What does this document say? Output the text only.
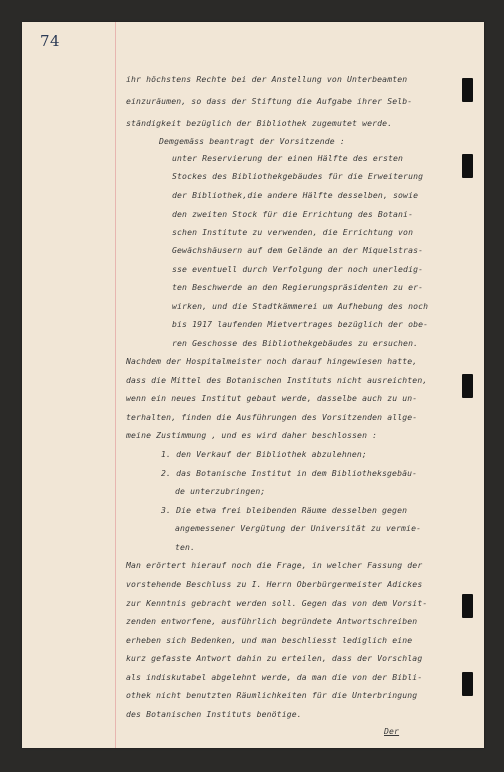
74
ihr höchstens Rechte bei der Anstellung von Unterbeamten
einzuräumen, so dass der Stiftung die Aufgabe ihrer Selb-
ständigkeit bezüglich der Bibliothek zugemutet werde.
Demgemäss beantragt der Vorsitzende :
unter Reservierung der einen Hälfte des ersten
Stockes des Bibliothekgebäudes für die Erweiterung
der Bibliothek,die andere Hälfte desselben, sowie
den zweiten Stock für die Errichtung des Botani-
schen Institute zu verwenden, die Errichtung von
Gewächshäusern auf dem Gelände an der Miquelstras-
sse eventuell durch Verfolgung der noch unerledig-
ten Beschwerde an den Regierungspräsidenten zu er-
wirken, und die Stadtkämmerei um Aufhebung des noch
bis 1917 laufenden Mietvertrages bezüglich der obe-
ren Geschosse des Bibliothekgebäudes zu ersuchen.
Nachdem der Hospitalmeister noch darauf hingewiesen hatte,
dass die Mittel des Botanischen Instituts nicht ausreichten,
wenn ein neues Institut gebaut werde, dasselbe auch zu un-
terhalten, finden die Ausführungen des Vorsitzenden allge-
meine Zustimmung , und es wird daher beschlossen :
1. den Verkauf der Bibliothek abzulehnen;
2. das Botanische Institut in dem Bibliotheksgebäu-
de unterzubringen;
3. Die etwa frei bleibenden Räume desselben gegen
angemessener Vergütung der Universität zu vermie-
ten.
Man erörtert hierauf noch die Frage, in welcher Fassung der
vorstehende Beschluss zu I. Herrn Oberbürgermeister Adickes
zur Kenntnis gebracht werden soll. Gegen das von dem Vorsit-
zenden entworfene, ausführlich begründete Antwortschreiben
erheben sich Bedenken, und man beschliesst lediglich eine
kurz gefasste Antwort dahin zu erteilen, dass der Vorschlag
als indiskutabel abgelehnt werde, da man die von der Bibli-
othek nicht benutzten Räumlichkeiten für die Unterbringung
des Botanischen Instituts benötige.
Der
